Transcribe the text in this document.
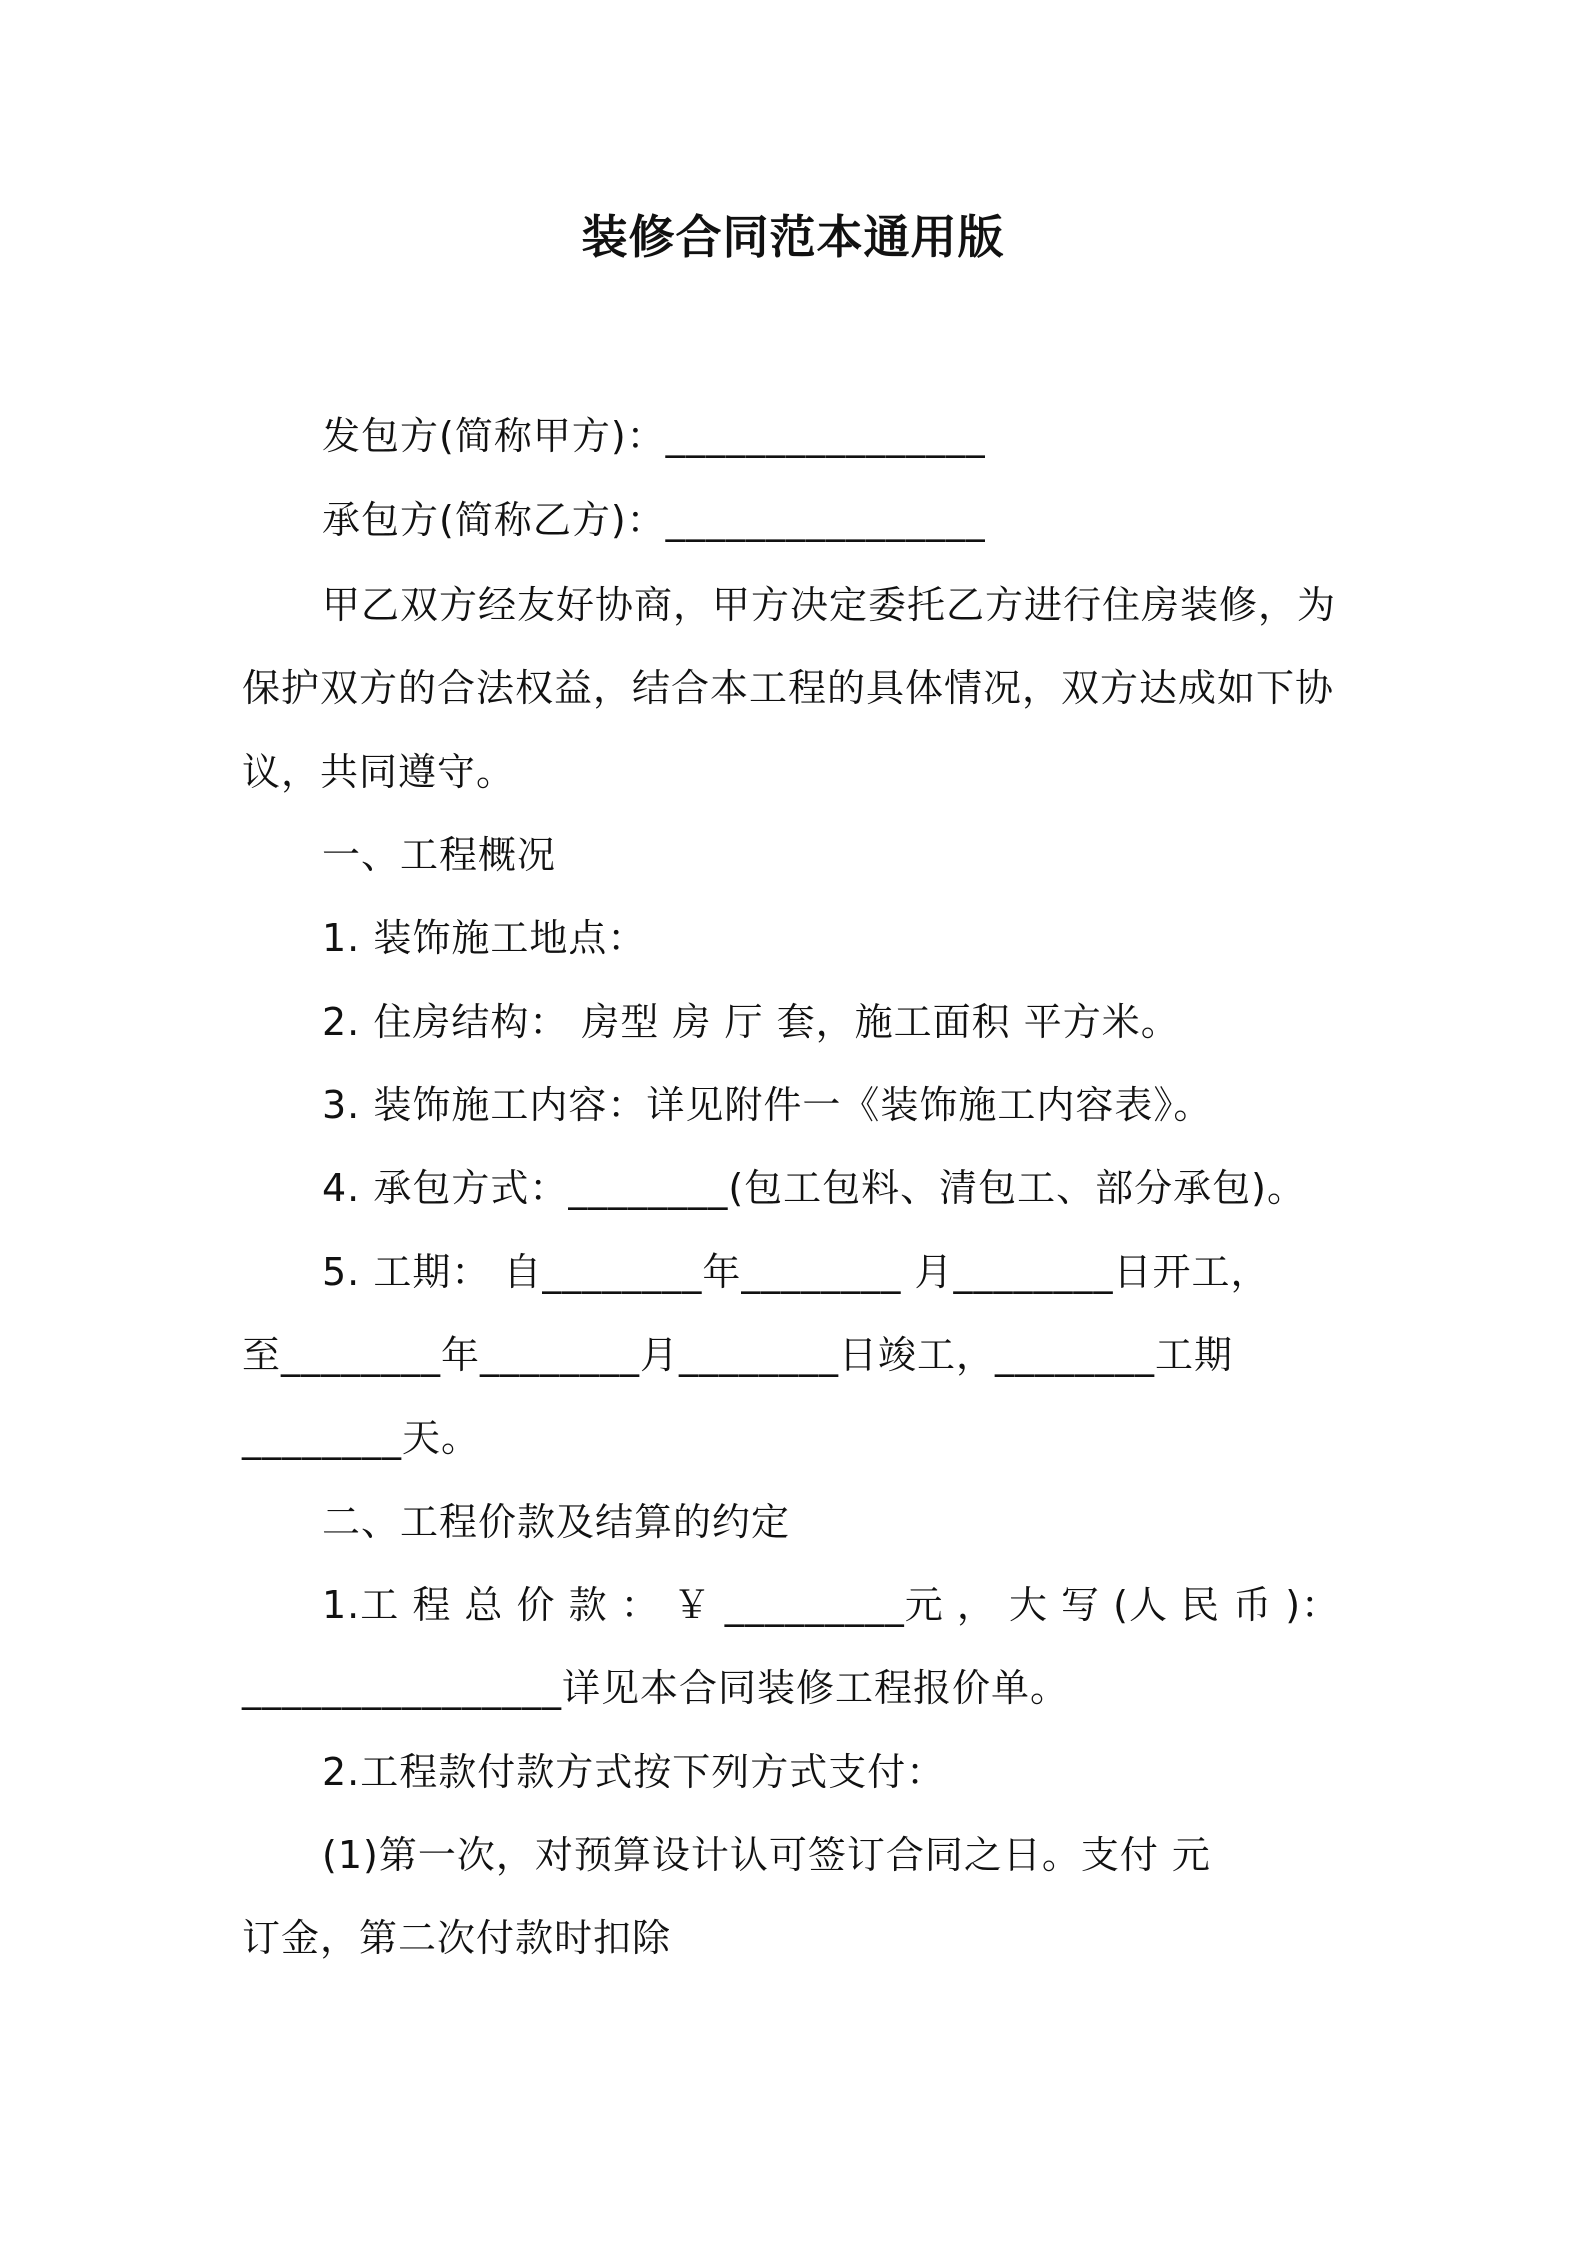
装修合同范本通用版
发包方(简称甲方)：________________
承包方(简称乙方)：________________
甲乙双方经友好协商，甲方决定委托乙方进行住房装修，为
保护双方的合法权益，结合本工程的具体情况，双方达成如下协
议，共同遵守。
一、工程概况
1. 装饰施工地点：
2. 住房结构： 房型 房 厅 套，施工面积 平方米。
3. 装饰施工内容：详见附件一《装饰施工内容表》。
4. 承包方式：________(包工包料、清包工、部分承包)。
5. 工期： 自________年________ 月________日开工，
至________年________月________日竣工，________工期
________天。
二、工程价款及结算的约定
1.工 程 总 价 款 ： ￥ _________元 ， 大 写 (人 民 币 )：
________________详见本合同装修工程报价单。
2.工程款付款方式按下列方式支付：
(1)第一次，对预算设计认可签订合同之日。支付 元
订金，第二次付款时扣除
